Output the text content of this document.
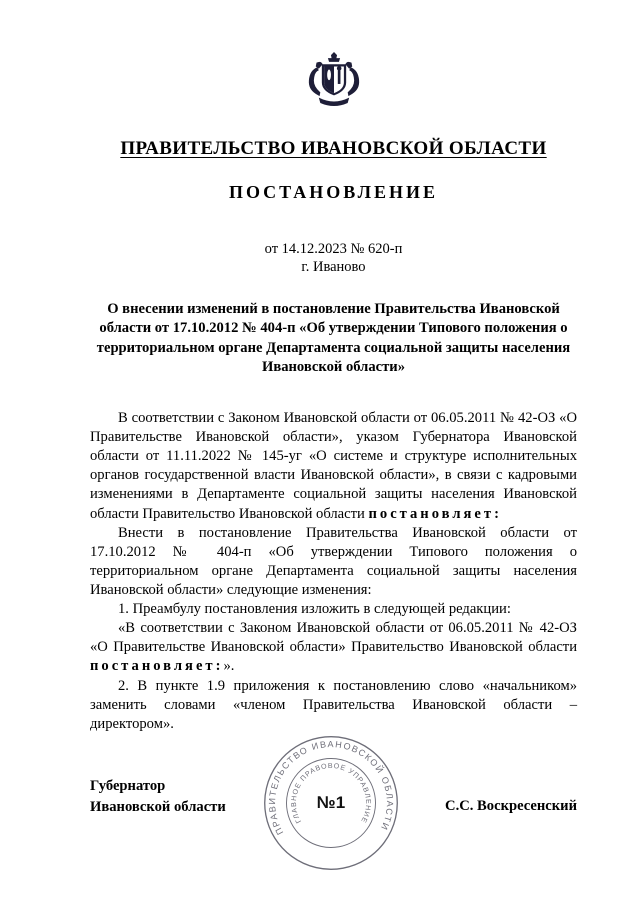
ПРАВИТЕЛЬСТВО ИВАНОВСКОЙ ОБЛАСТИ
ПОСТАНОВЛЕНИЕ
от 14.12.2023 № 620-п
г. Иваново
О внесении изменений в постановление Правительства Ивановской области от 17.10.2012 № 404-п «Об утверждении Типового положения о территориальном органе Департамента социальной защиты населения Ивановской области»

В соответствии с Законом Ивановской области от 06.05.2011 № 42-ОЗ «О Правительстве Ивановской области», указом Губернатора Ивановской области от 11.11.2022 № 145-уг «О системе и структуре исполнительных органов государственной власти Ивановской области», в связи с кадровыми изменениями в Департаменте социальной защиты населения Ивановской области Правительство Ивановской области постановляет:

Внести в постановление Правительства Ивановской области от 17.10.2012 № 404-п «Об утверждении Типового положения о территориальном органе Департамента социальной защиты населения Ивановской области» следующие изменения:

1. Преамбулу постановления изложить в следующей редакции:

«В соответствии с Законом Ивановской области от 06.05.2011 № 42-ОЗ «О Правительстве Ивановской области» Правительство Ивановской области постановляет:».

2. В пункте 1.9 приложения к постановлению слово «начальником» заменить словами «членом Правительства Ивановской области – директором».

Губернатор
Ивановской области
ПРАВИТЕЛЬСТВО ИВАНОВСКОЙ ОБЛАСТИ
ГЛАВНОЕ ПРАВОВОЕ УПРАВЛЕНИЕ
№1	С.С. Воскресенский
